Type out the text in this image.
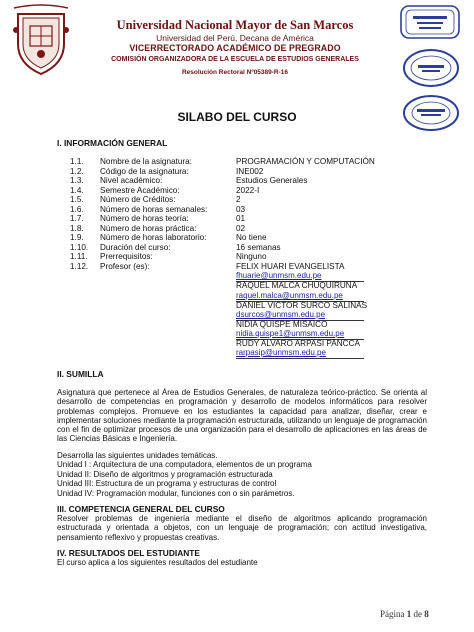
Universidad Nacional Mayor de San Marcos
Universidad del Perú, Decana de América
VICERRECTORADO ACADÉMICO DE PREGRADO
COMISIÓN ORGANIZADORA DE LA ESCUELA DE ESTUDIOS GENERALES
Resolución Rectoral Nº05389-R-16
SILABO DEL CURSO
I. INFORMACIÓN GENERAL
1.1. Nombre de la asignatura:	PROGRAMACIÓN Y COMPUTACIÓN
1.2. Código de la asignatura:	INE002
1.3. Nivel académico:	Estudios Generales
1.4. Semestre Académico:	2022-I
1.5. Número de Créditos:	2
1.6. Número de horas semanales:	03
1.7. Número de horas teoría:	01
1.8. Número de horas práctica:	02
1.9. Número de horas laboratorio:	No tiene
1.10. Duración del curso:	16 semanas
1.11. Prerrequisitos:	Ninguno
1.12. Profesor (es):	FELIX HUARI EVANGELISTA
fhuarie@unmsm.edu.pe
RAQUEL MALCA CHUQUIRUNA
raquel.malca@unmsm.edu.pe
DANIEL VICTOR SURCO SALINAS
dsurcos@unmsm.edu.pe
NIDIA QUISPE MISAICO
nidia.quispe1@unmsm.edu.pe
RUDY ALVARO ARPASI PANCCA
rarpasip@unmsm.edu.pe
II. SUMILLA
Asignatura que pertenece al Área de Estudios Generales, de naturaleza teórico-práctico. Se orienta al desarrollo de competencias en programación y desarrollo de modelos informáticos para resolver problemas complejos. Promueve en los estudiantes la capacidad para analizar, diseñar, crear e implementar soluciones mediante la programación estructurada, utilizando un lenguaje de programación con el fin de optimizar procesos de una organización para el desarrollo de aplicaciones en las áreas de las Ciencias Básicas e Ingeniería.
Desarrolla las siguientes unidades temáticas.
Unidad I : Arquitectura de una computadora, elementos de un programa
Unidad II: Diseño de algoritmos y programación estructurada
Unidad III: Estructura de un programa y estructuras de control
Unidad IV: Programación modular, funciones con o sin parámetros.
III. COMPETENCIA GENERAL DEL CURSO
Resolver problemas de ingeniería mediante el diseño de algoritmos aplicando programación estructurada y orientada a objetos, con un lenguaje de programación; con actitud investigativa, pensamiento reflexivo y propuestas creativas.
IV. RESULTADOS DEL ESTUDIANTE
El curso aplica a los siguientes resultados del estudiante
Página 1 de 8
